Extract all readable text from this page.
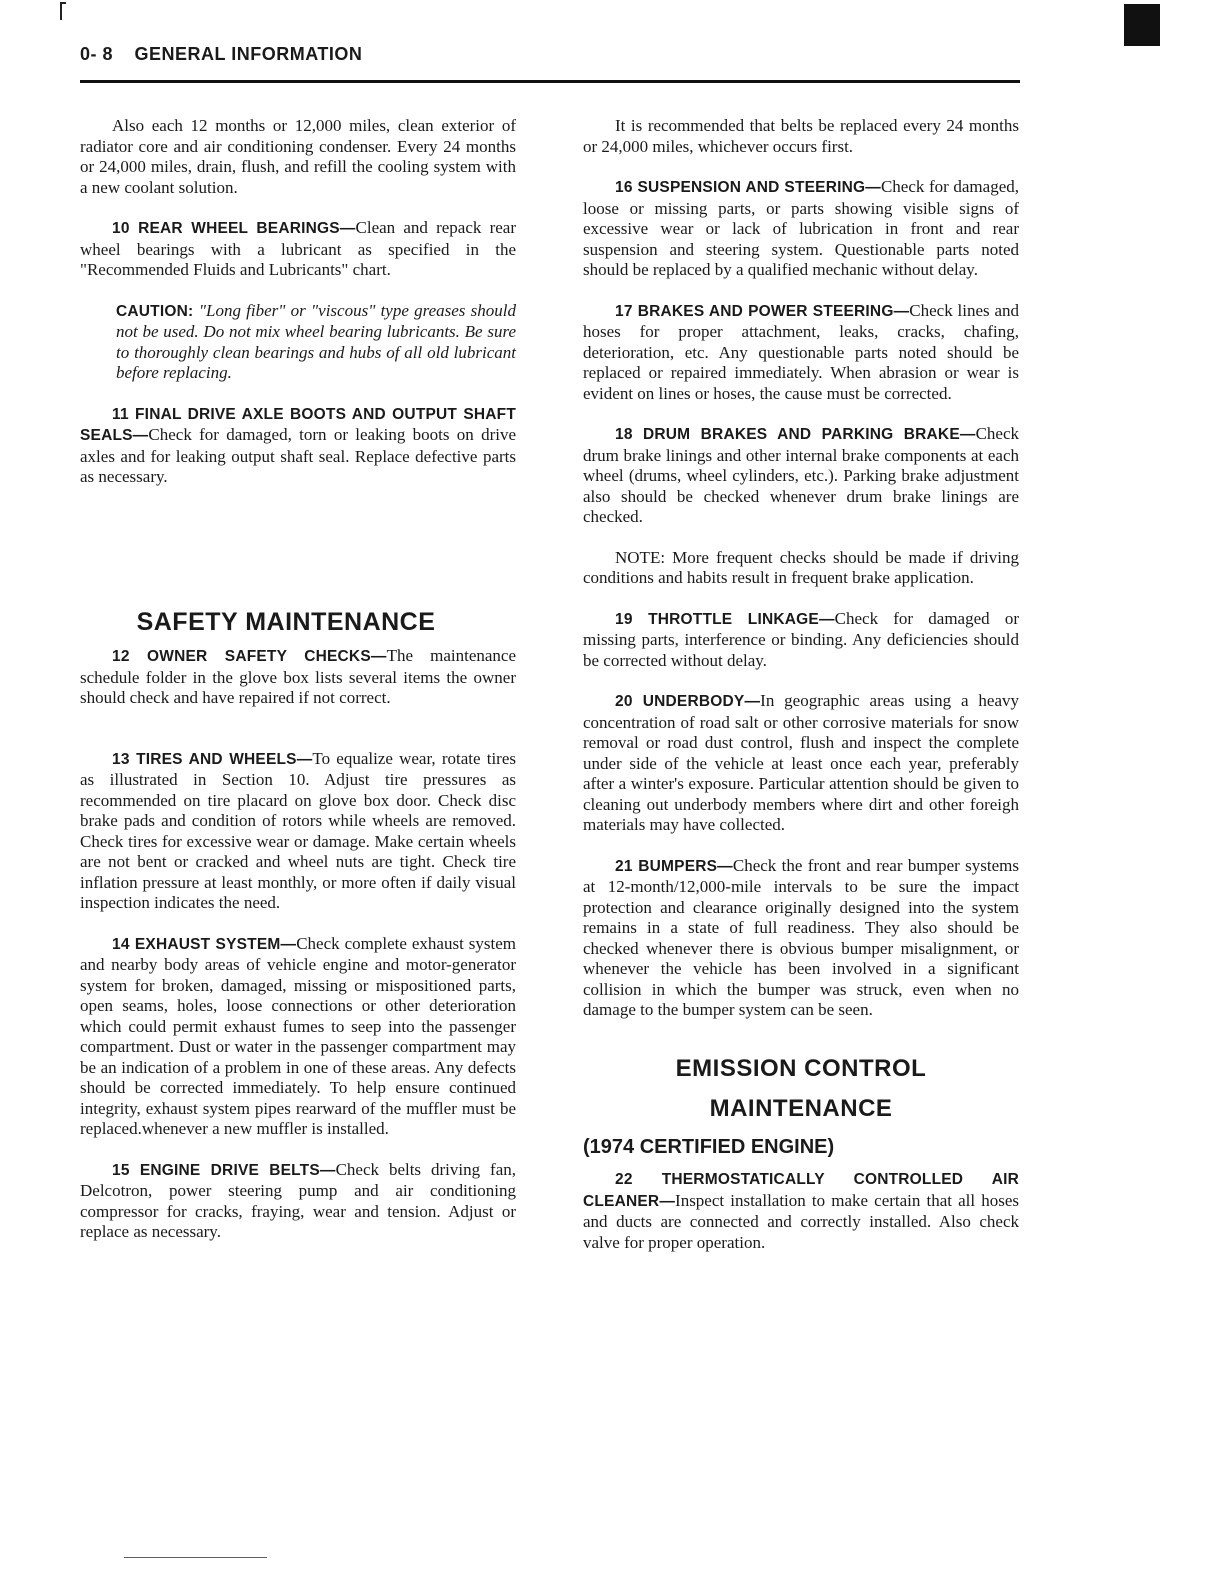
0- 8 GENERAL INFORMATION

Also each 12 months or 12,000 miles, clean exterior of radiator core and air conditioning condenser. Every 24 months or 24,000 miles, drain, flush, and refill the cooling system with a new coolant solution.

10 REAR WHEEL BEARINGS—Clean and repack rear wheel bearings with a lubricant as specified in the "Recommended Fluids and Lubricants" chart.

CAUTION: "Long fiber" or "viscous" type greases should not be used. Do not mix wheel bearing lubricants. Be sure to thoroughly clean bearings and hubs of all old lubricant before replacing.

11 FINAL DRIVE AXLE BOOTS AND OUTPUT SHAFT SEALS—Check for damaged, torn or leaking boots on drive axles and for leaking output shaft seal. Replace defective parts as necessary.

SAFETY MAINTENANCE

12 OWNER SAFETY CHECKS—The maintenance schedule folder in the glove box lists several items the owner should check and have repaired if not correct.

13 TIRES AND WHEELS—To equalize wear, rotate tires as illustrated in Section 10. Adjust tire pressures as recommended on tire placard on glove box door. Check disc brake pads and condition of rotors while wheels are removed. Check tires for excessive wear or damage. Make certain wheels are not bent or cracked and wheel nuts are tight. Check tire inflation pressure at least monthly, or more often if daily visual inspection indicates the need.

14 EXHAUST SYSTEM—Check complete exhaust system and nearby body areas of vehicle engine and motor-generator system for broken, damaged, missing or mispositioned parts, open seams, holes, loose connections or other deterioration which could permit exhaust fumes to seep into the passenger compartment. Dust or water in the passenger compartment may be an indication of a problem in one of these areas. Any defects should be corrected immediately. To help ensure continued integrity, exhaust system pipes rearward of the muffler must be replaced.whenever a new muffler is installed.

15 ENGINE DRIVE BELTS—Check belts driving fan, Delcotron, power steering pump and air conditioning compressor for cracks, fraying, wear and tension. Adjust or replace as necessary.

It is recommended that belts be replaced every 24 months or 24,000 miles, whichever occurs first.

16 SUSPENSION AND STEERING—Check for damaged, loose or missing parts, or parts showing visible signs of excessive wear or lack of lubrication in front and rear suspension and steering system. Questionable parts noted should be replaced by a qualified mechanic without delay.

17 BRAKES AND POWER STEERING—Check lines and hoses for proper attachment, leaks, cracks, chafing, deterioration, etc. Any questionable parts noted should be replaced or repaired immediately. When abrasion or wear is evident on lines or hoses, the cause must be corrected.

18 DRUM BRAKES AND PARKING BRAKE—Check drum brake linings and other internal brake components at each wheel (drums, wheel cylinders, etc.). Parking brake adjustment also should be checked whenever drum brake linings are checked.

NOTE: More frequent checks should be made if driving conditions and habits result in frequent brake application.

19 THROTTLE LINKAGE—Check for damaged or missing parts, interference or binding. Any deficiencies should be corrected without delay.

20 UNDERBODY—In geographic areas using a heavy concentration of road salt or other corrosive materials for snow removal or road dust control, flush and inspect the complete under side of the vehicle at least once each year, preferably after a winter's exposure. Particular attention should be given to cleaning out underbody members where dirt and other foreigh materials may have collected.

21 BUMPERS—Check the front and rear bumper systems at 12-month/12,000-mile intervals to be sure the impact protection and clearance originally designed into the system remains in a state of full readiness. They also should be checked whenever there is obvious bumper misalignment, or whenever the vehicle has been involved in a significant collision in which the bumper was struck, even when no damage to the bumper system can be seen.

EMISSION CONTROL
MAINTENANCE
(1974 CERTIFIED ENGINE)

22 THERMOSTATICALLY CONTROLLED AIR CLEANER—Inspect installation to make certain that all hoses and ducts are connected and correctly installed. Also check valve for proper operation.
